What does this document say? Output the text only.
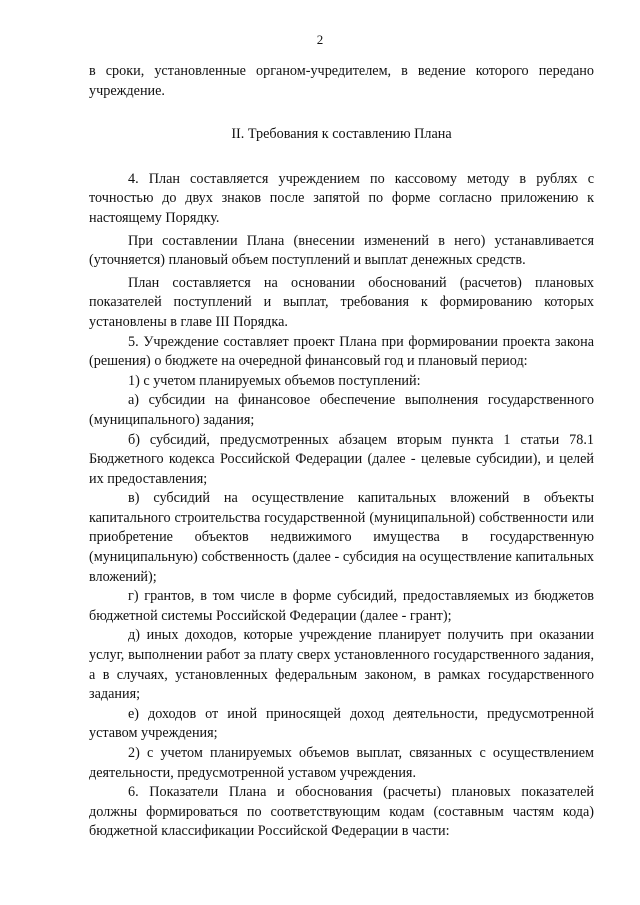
2

в сроки, установленные органом-учредителем, в ведение которого передано учреждение.

II. Требования к составлению Плана

4. План составляется учреждением по кассовому методу в рублях с точностью до двух знаков после запятой по форме согласно приложению к настоящему Порядку.

При составлении Плана (внесении изменений в него) устанавливается (уточняется) плановый объем поступлений и выплат денежных средств.

План составляется на основании обоснований (расчетов) плановых показателей поступлений и выплат, требования к формированию которых установлены в главе III Порядка.

5. Учреждение составляет проект Плана при формировании проекта закона (решения) о бюджете на очередной финансовый год и плановый период:

1) с учетом планируемых объемов поступлений:

а) субсидии на финансовое обеспечение выполнения государственного (муниципального) задания;

б) субсидий, предусмотренных абзацем вторым пункта 1 статьи 78.1 Бюджетного кодекса Российской Федерации (далее - целевые субсидии), и целей их предоставления;

в) субсидий на осуществление капитальных вложений в объекты капитального строительства государственной (муниципальной) собственности или приобретение объектов недвижимого имущества в государственную (муниципальную) собственность (далее - субсидия на осуществление капитальных вложений);

г) грантов, в том числе в форме субсидий, предоставляемых из бюджетов бюджетной системы Российской Федерации (далее - грант);

д) иных доходов, которые учреждение планирует получить при оказании услуг, выполнении работ за плату сверх установленного государственного задания, а в случаях, установленных федеральным законом, в рамках государственного задания;

е) доходов от иной приносящей доход деятельности, предусмотренной уставом учреждения;

2) с учетом планируемых объемов выплат, связанных с осуществлением деятельности, предусмотренной уставом учреждения.

6. Показатели Плана и обоснования (расчеты) плановых показателей должны формироваться по соответствующим кодам (составным частям кода) бюджетной классификации Российской Федерации в части:
